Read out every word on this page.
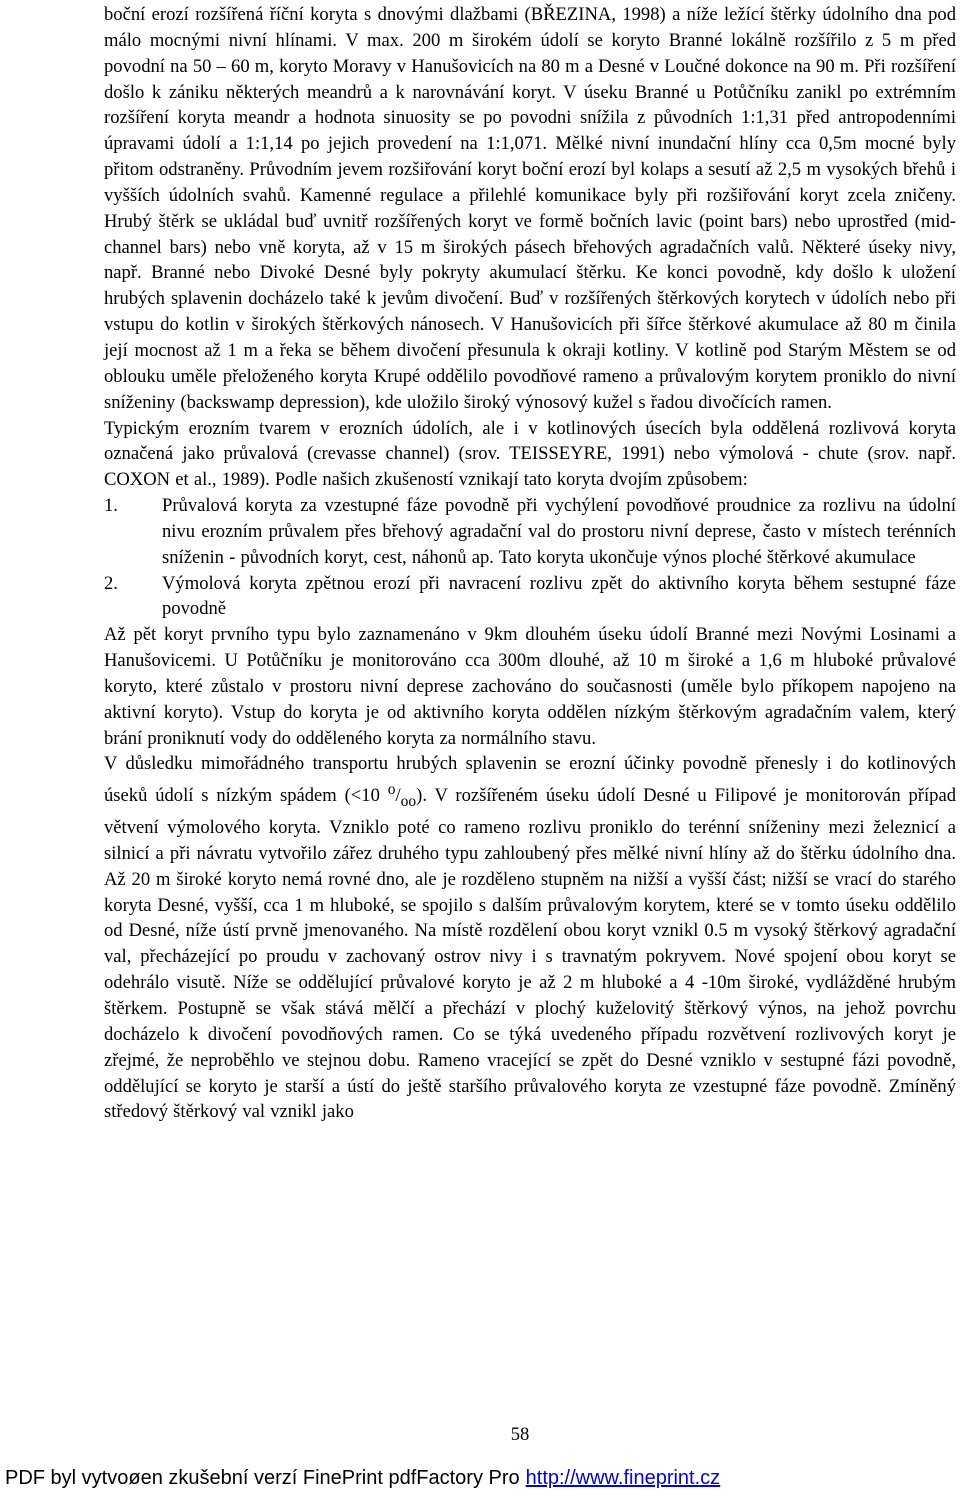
boční erozí rozšířená říční koryta s dnovými dlažbami (BŘEZINA, 1998) a níže ležící štěrky údolního dna pod málo mocnými nivní hlínami. V max. 200 m širokém údolí se koryto Branné lokálně rozšířilo z 5 m před povodní na 50 – 60 m, koryto Moravy v Hanušovicích na 80 m a Desné v Loučné dokonce na 90 m. Při rozšíření došlo k zániku některých meandrů a k narovnávání koryt. V úseku Branné u Potůčníku zanikl po extrémním rozšíření koryta meandr a hodnota sinuosity se po povodni snížila z původních 1:1,31 před antropodenními úpravami údolí a 1:1,14 po jejich provedení na 1:1,071. Mělké nivní inundační hlíny cca 0,5m mocné byly přitom odstraněny. Průvodním jevem rozšiřování koryt boční erozí byl kolaps a sesutí až 2,5 m vysokých břehů i vyšších údolních svahů. Kamenné regulace a přilehlé komunikace byly při rozšiřování koryt zcela zničeny. Hrubý štěrk se ukládal buď uvnitř rozšířených koryt ve formě bočních lavic (point bars) nebo uprostřed (mid-channel bars) nebo vně koryta, až v 15 m širokých pásech břehových agradačních valů. Některé úseky nivy, např. Branné nebo Divoké Desné byly pokryty akumulací štěrku. Ke konci povodně, kdy došlo k uložení hrubých splavenin docházelo také k jevům divočení. Buď v rozšířených štěrkových korytech v údolích nebo při vstupu do kotlin v širokých štěrkových nánosech. V Hanušovicích při šířce štěrkové akumulace až 80 m činila její mocnost až 1 m a řeka se během divočení přesunula k okraji kotliny. V kotlině pod Starým Městem se od oblouku uměle přeloženého koryta Krupé oddělilo povodňové rameno a průvalovým korytem proniklo do nivní sníženiny (backswamp depression), kde uložilo široký výnosový kužel s řadou divočících ramen.

Typickým erozním tvarem v erozních údolích, ale i v kotlinových úsecích byla oddělená rozlivová koryta označená jako průvalová (crevasse channel) (srov. TEISSEYRE, 1991) nebo výmolová - chute (srov. např. COXON et al., 1989). Podle našich zkušeností vznikají tato koryta dvojím způsobem:

1.	Průvalová koryta za vzestupné fáze povodně při vychýlení povodňové proudnice za rozlivu na údolní nivu erozním průvalem přes břehový agradační val do prostoru nivní deprese, často v místech terénních sníženin - původních koryt, cest, náhonů ap. Tato koryta ukončuje výnos ploché štěrkové akumulace
2.	Výmolová koryta zpětnou erozí při navracení rozlivu zpět do aktivního koryta během sestupné fáze povodně

Až pět koryt prvního typu bylo zaznamenáno v 9km dlouhém úseku údolí Branné mezi Novými Losinami a Hanušovicemi. U Potůčníku je monitorováno cca 300m dlouhé, až 10 m široké a 1,6 m hluboké průvalové koryto, které zůstalo v prostoru nivní deprese zachováno do současnosti (uměle bylo příkopem napojeno na aktivní koryto). Vstup do koryta je od aktivního koryta oddělen nízkým štěrkovým agradačním valem, který brání proniknutí vody do odděleného koryta za normálního stavu.

V důsledku mimořádného transportu hrubých splavenin se erozní účinky povodně přenesly i do kotlinových úseků údolí s nízkým spádem (<10 $^o/_{oo}$). V rozšířeném úseku údolí Desné u Filipové je monitorován případ větvení výmolového koryta. Vzniklo poté co rameno rozlivu proniklo do terénní sníženiny mezi železnicí a silnicí a při návratu vytvořilo zářez druhého typu zahloubený přes mělké nivní hlíny až do štěrku údolního dna. Až 20 m široké koryto nemá rovné dno, ale je rozděleno stupněm na nižší a vyšší část; nižší se vrací do starého koryta Desné, vyšší, cca 1 m hluboké, se spojilo s dalším průvalovým korytem, které se v tomto úseku oddělilo od Desné, níže ústí prvně jmenovaného. Na místě rozdělení obou koryt vznikl 0.5 m vysoký štěrkový agradační val, přecházející po proudu v zachovaný ostrov nivy i s travnatým pokryvem. Nové spojení obou koryt se odehrálo visutě. Níže se oddělující průvalové koryto je až 2 m hluboké a 4 -10m široké, vydlážděné hrubým štěrkem. Postupně se však stává mělčí a přechází v plochý kuželovitý štěrkový výnos, na jehož povrchu docházelo k divočení povodňových ramen. Co se týká uvedeného případu rozvětvení rozlivových koryt je zřejmé, že neproběhlo ve stejnou dobu. Rameno vracející se zpět do Desné vzniklo v sestupné fázi povodně, oddělující se koryto je starší a ústí do ještě staršího průvalového koryta ze vzestupné fáze povodně. Zmíněný středový štěrkový val vznikl jako

58
PDF byl vytvoøen zkušební verzí FinePrint pdfFactory Pro http://www.fineprint.cz
